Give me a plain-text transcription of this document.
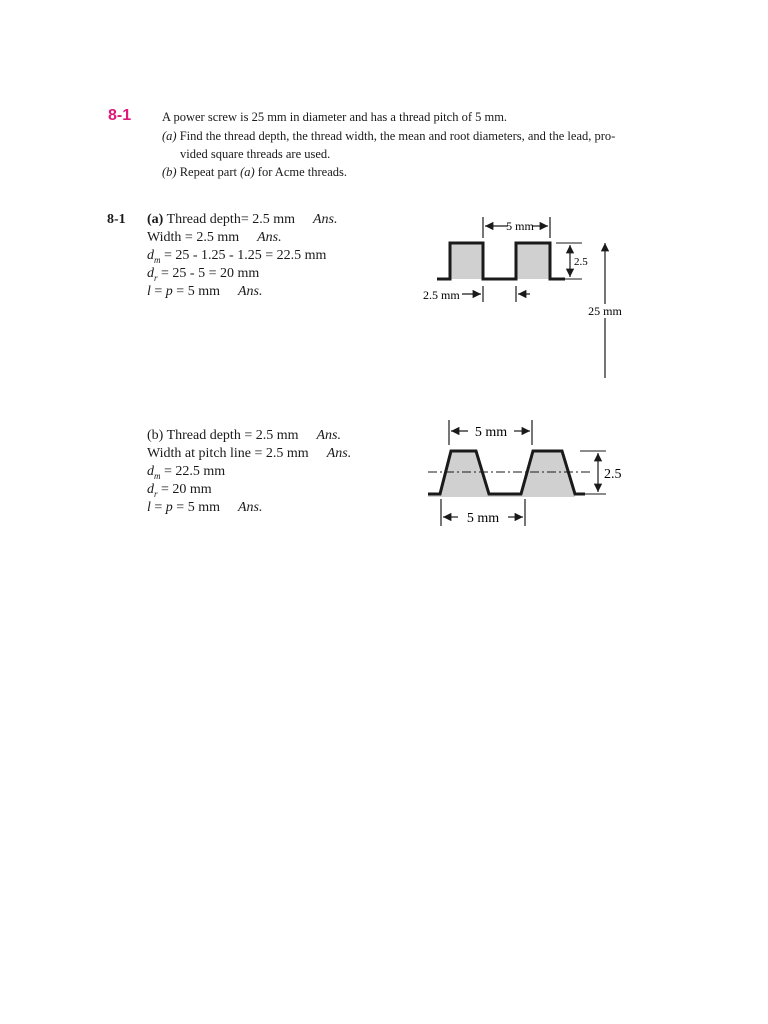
8-1 A power screw is 25 mm in diameter and has a thread pitch of 5 mm.
(a) Find the thread depth, the thread width, the mean and root diameters, and the lead, pro-
vided square threads are used.
(b) Repeat part (a) for Acme threads.
8-1 (a) Thread depth= 2.5 mm Ans.
Width = 2.5 mm Ans.
$d_m = 25 - 1.25 - 1.25 = 22.5$ mm
$d_r = 25 - 5 = 20$ mm
l = p = 5 mm Ans.
(b) Thread depth = 2.5 mm Ans.
Width at pitch line = 2.5 mm Ans.
$d_m = 22.5$ mm
$d_r = 20$ mm
l = p = 5 mm Ans.
5 mm
2.5
2.5 mm
25 mm
5 mm
2.5
5 mm
